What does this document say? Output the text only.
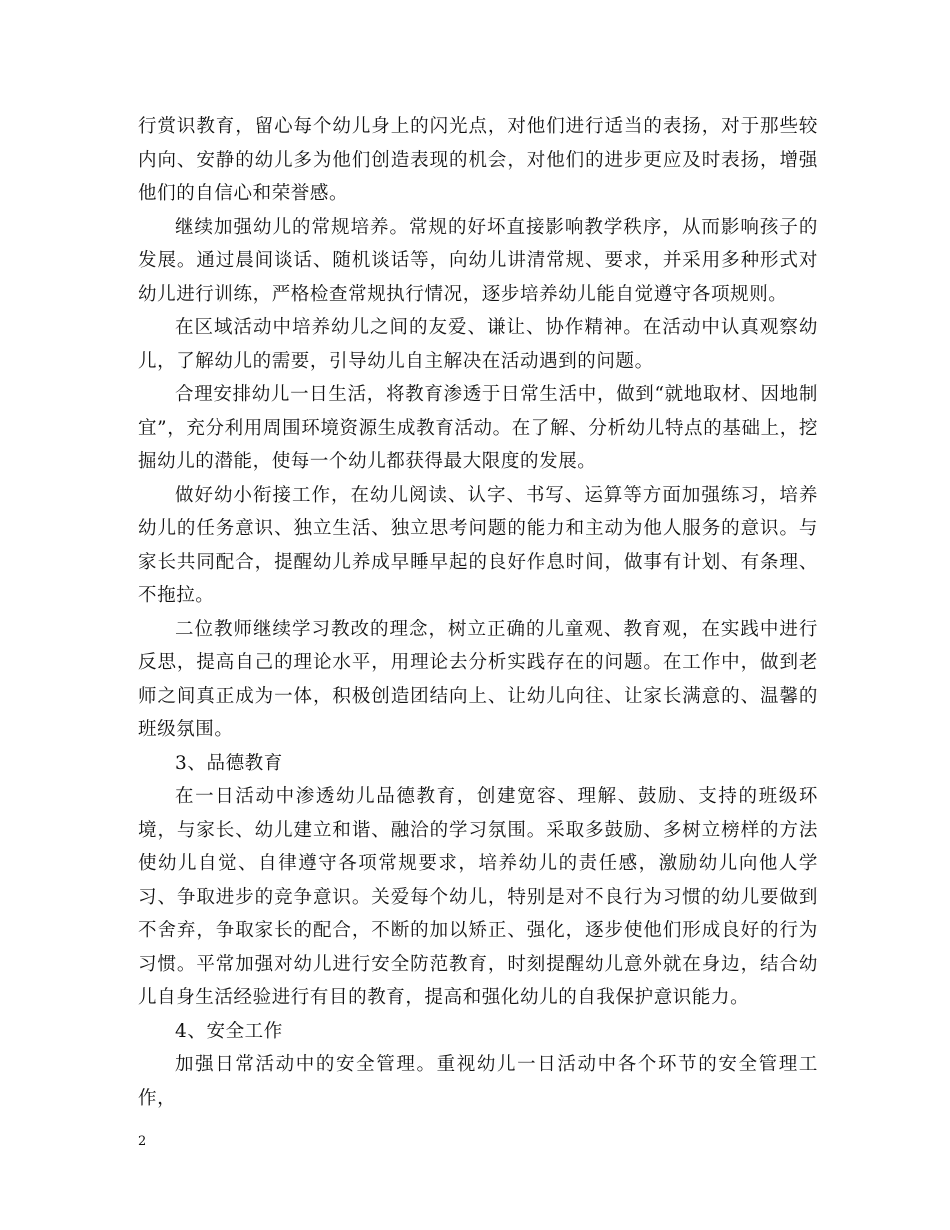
行赏识教育，留心每个幼儿身上的闪光点，对他们进行适当的表扬，对于那些较内向、安静的幼儿多为他们创造表现的机会，对他们的进步更应及时表扬，增强他们的自信心和荣誉感。

继续加强幼儿的常规培养。常规的好坏直接影响教学秩序，从而影响孩子的发展。通过晨间谈话、随机谈话等，向幼儿讲清常规、要求，并采用多种形式对幼儿进行训练，严格检查常规执行情况，逐步培养幼儿能自觉遵守各项规则。

在区域活动中培养幼儿之间的友爱、谦让、协作精神。在活动中认真观察幼儿，了解幼儿的需要，引导幼儿自主解决在活动遇到的问题。

合理安排幼儿一日生活，将教育渗透于日常生活中，做到“就地取材、因地制宜”，充分利用周围环境资源生成教育活动。在了解、分析幼儿特点的基础上，挖掘幼儿的潜能，使每一个幼儿都获得最大限度的发展。

做好幼小衔接工作，在幼儿阅读、认字、书写、运算等方面加强练习，培养幼儿的任务意识、独立生活、独立思考问题的能力和主动为他人服务的意识。与家长共同配合，提醒幼儿养成早睡早起的良好作息时间，做事有计划、有条理、不拖拉。

二位教师继续学习教改的理念，树立正确的儿童观、教育观，在实践中进行反思，提高自己的理论水平，用理论去分析实践存在的问题。在工作中，做到老师之间真正成为一体，积极创造团结向上、让幼儿向往、让家长满意的、温馨的班级氛围。

3、品德教育

在一日活动中渗透幼儿品德教育，创建宽容、理解、鼓励、支持的班级环境，与家长、幼儿建立和谐、融洽的学习氛围。采取多鼓励、多树立榜样的方法使幼儿自觉、自律遵守各项常规要求，培养幼儿的责任感，激励幼儿向他人学习、争取进步的竞争意识。关爱每个幼儿，特别是对不良行为习惯的幼儿要做到不舍弃，争取家长的配合，不断的加以矫正、强化，逐步使他们形成良好的行为习惯。平常加强对幼儿进行安全防范教育，时刻提醒幼儿意外就在身边，结合幼儿自身生活经验进行有目的教育，提高和强化幼儿的自我保护意识能力。

4、安全工作

加强日常活动中的安全管理。重视幼儿一日活动中各个环节的安全管理工作，

2
